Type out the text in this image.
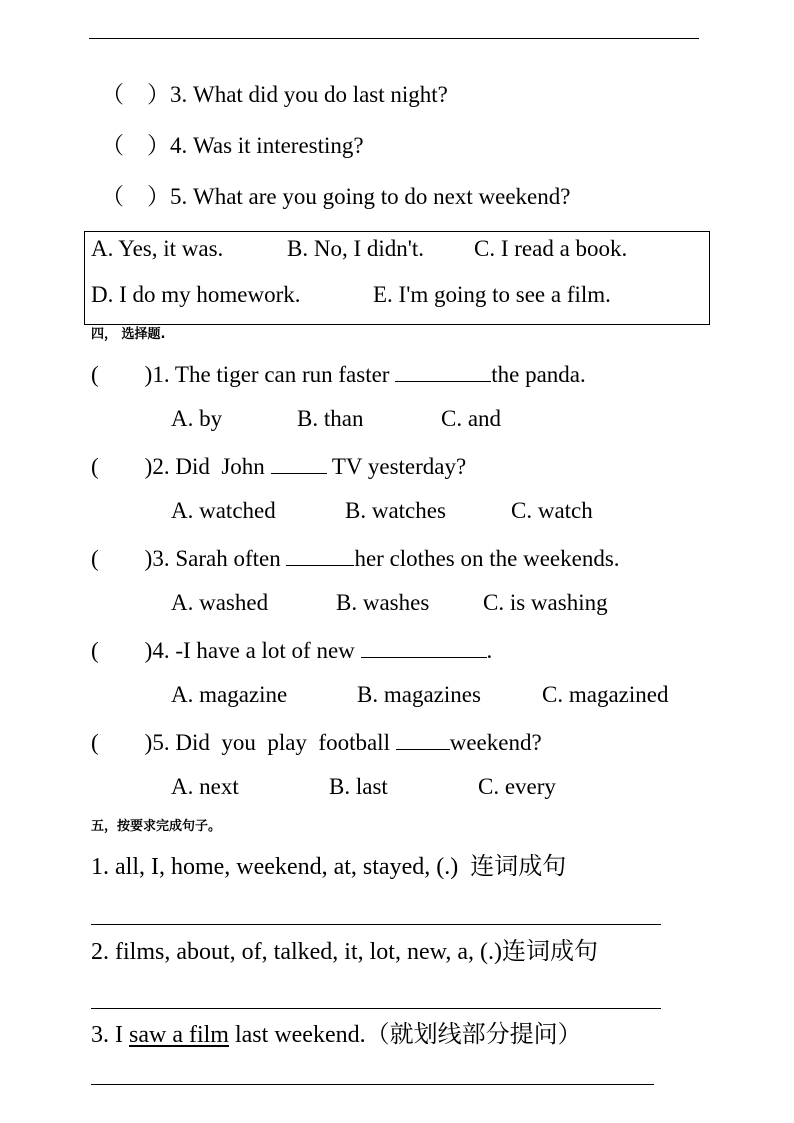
（　）3. What did you do last night?
（　）4. Was it interesting?
（　）5. What are you going to do next weekend?
A. Yes, it was.	B. No, I didn't. C. I read a book.
D. I do my homework.	E. I'm going to see a film.
四， 选择题.
(        )1. The tiger can run faster	the panda.
A. by	B. than	C. and
(        )2. Did  John  TV yesterday?
A. watched	B. watches	C. watch
(        )3. Sarah often	her clothes on the weekends.
A. washed	B. washes C. is washing
(        )4. -I have a lot of new	.
A. magazine	B. magazines	C. magazined
(        )5. Did  you  play  football weekend?
A. next	B. last	C. every
五，按要求完成句子。
1. all, I, home, weekend, at, stayed, (.)  连词成句
2. films, about, of, talked, it, lot, new, a, (.)连词成句
3. I saw a film last weekend.（就划线部分提问）
